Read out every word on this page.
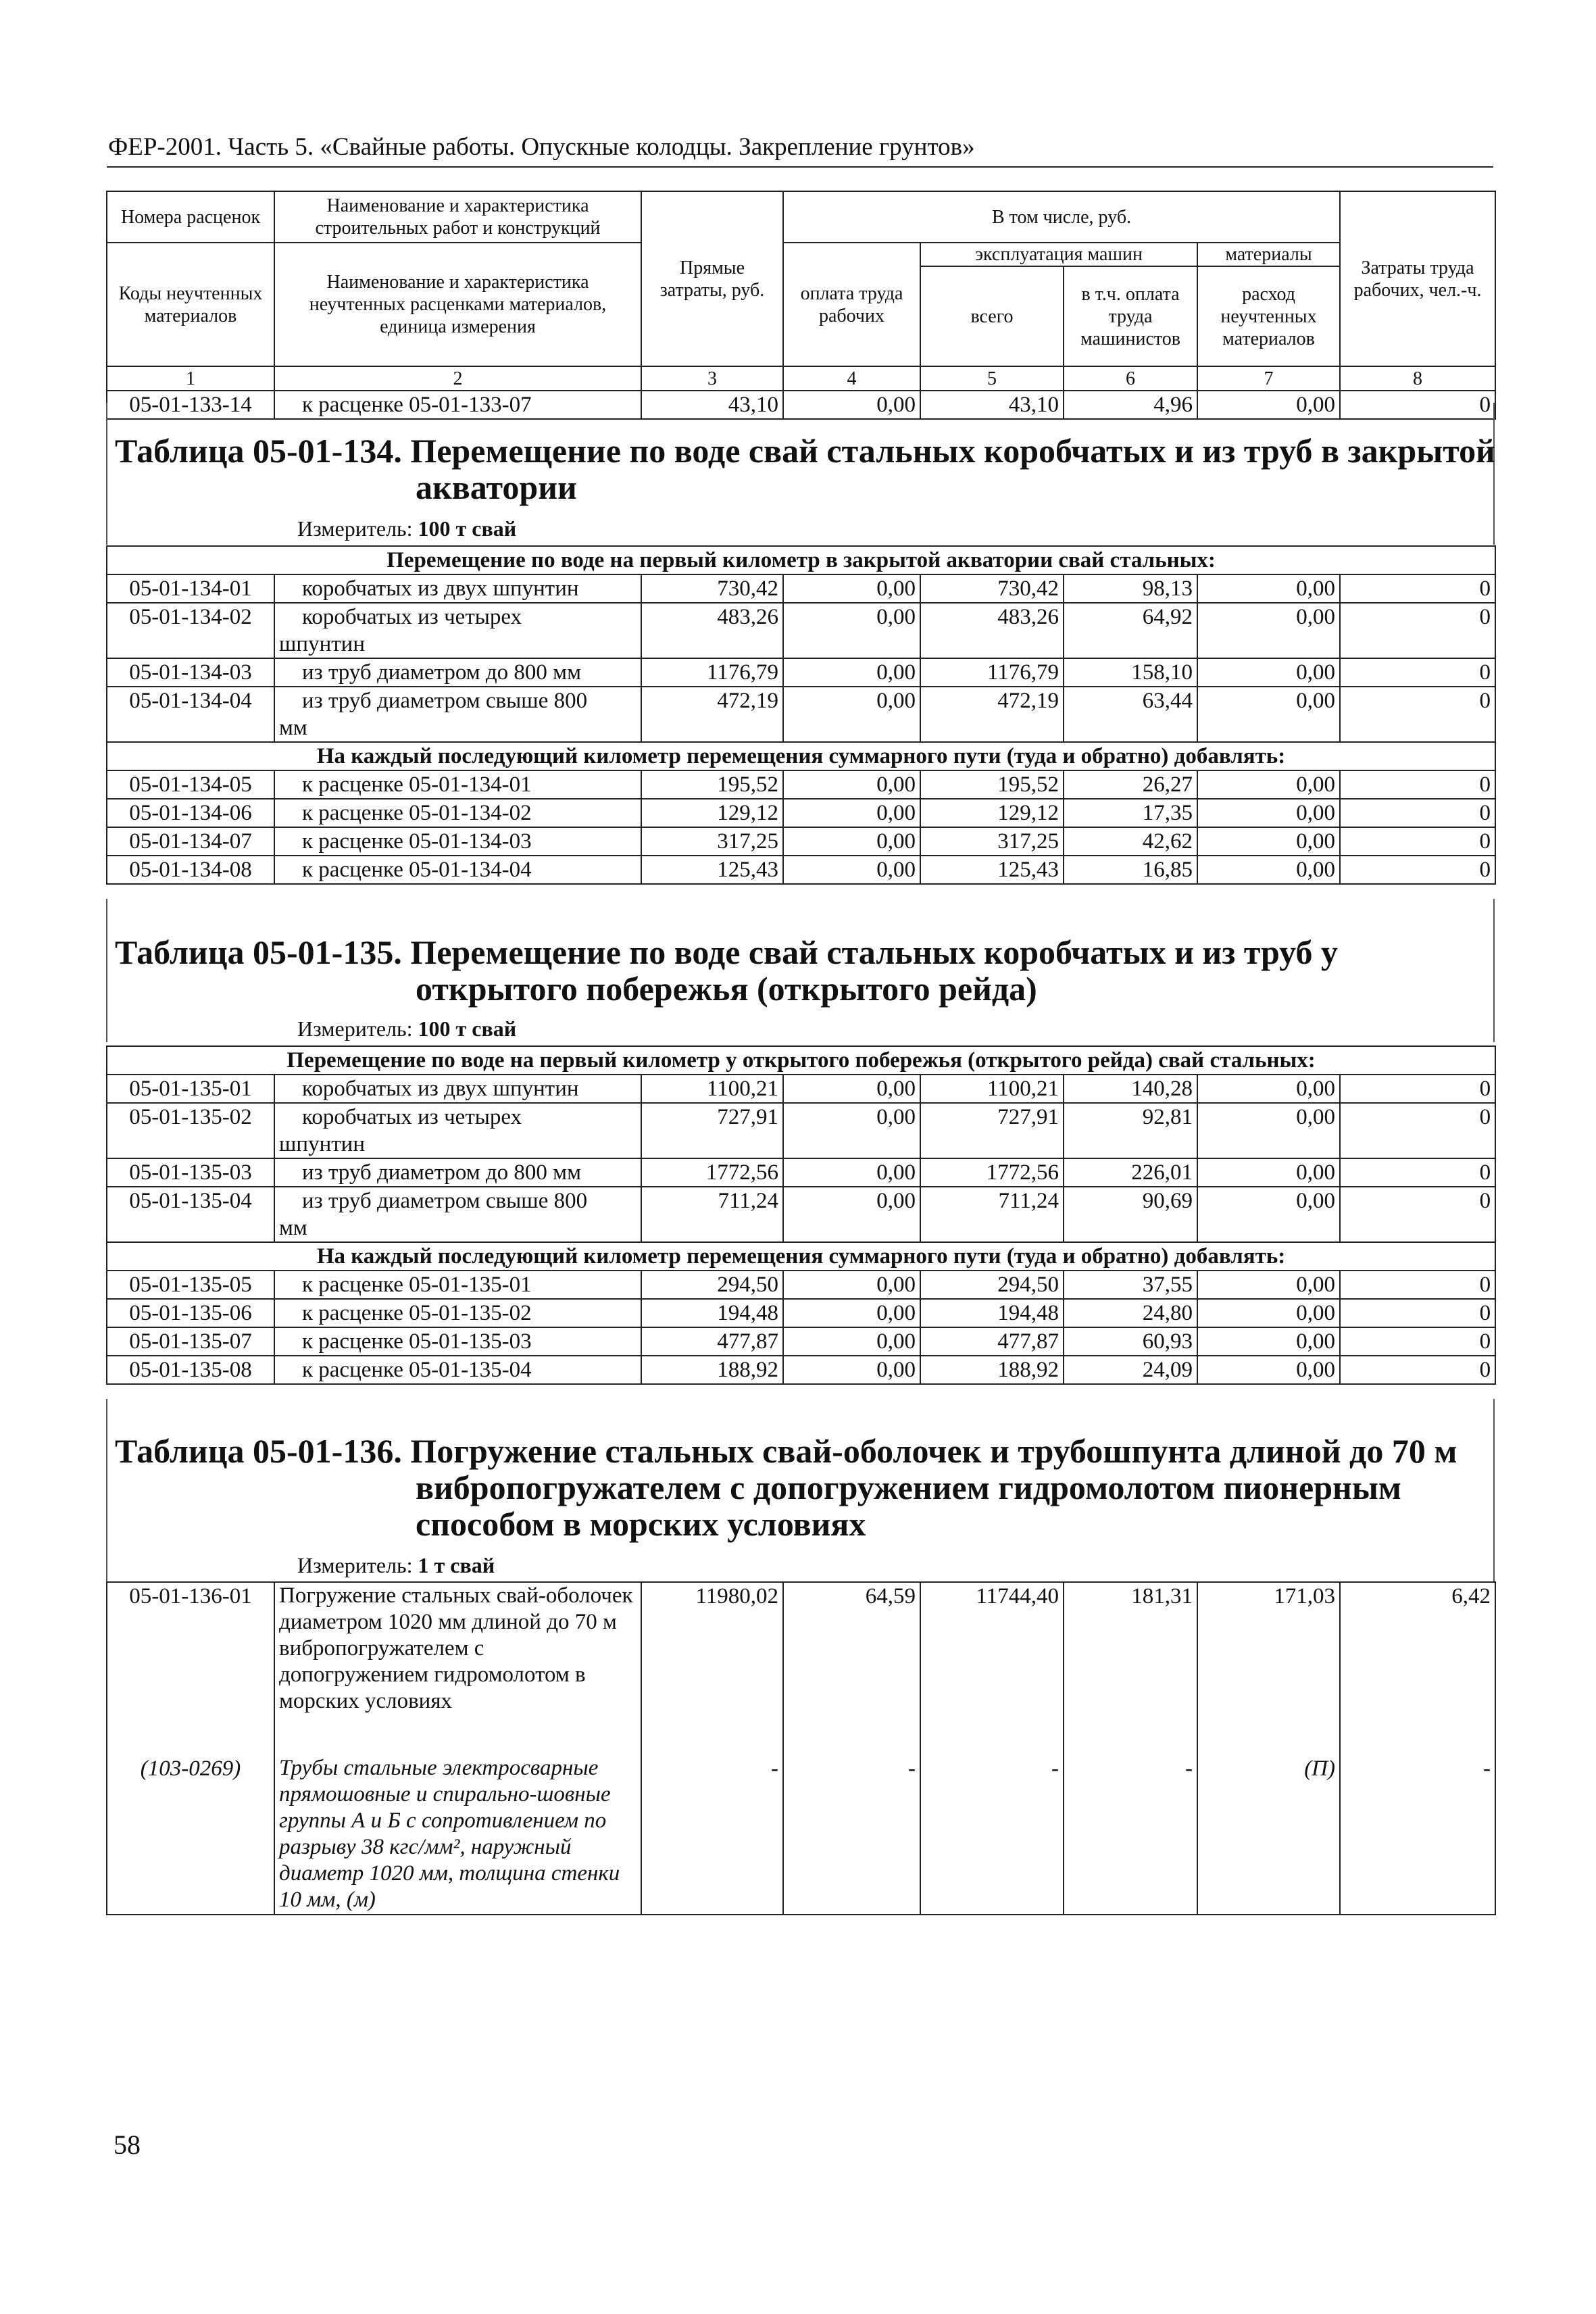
ФЕР-2001. Часть 5. «Свайные работы. Опускные колодцы. Закрепление грунтов»
Номера расценок	Наименование и характеристика строительных работ и конструкций	Прямые затраты, руб.	В том числе, руб.				Затраты труда рабочих, чел.-ч.
Коды неучтенных материалов	Наименование и характеристика неучтенных расценками материалов, единица измерения		оплата труда рабочих	эксплуатация машин		материалы	
				всего	в т.ч. оплата труда машинистов	расход неучтенных материалов	
1	2	3	4	5	6	7	8
05-01-133-14	к расценке 05-01-133-07	43,10	0,00	43,10	4,96	0,00	0
Таблица 05-01-134. Перемещение по воде свай стальных коробчатых и из труб в закрытой
акватории
Измеритель: 100 т свай
Перемещение по воде на первый километр в закрытой акватории свай стальных:							
05-01-134-01	коробчатых из двух шпунтин	730,42	0,00	730,42	98,13	0,00	0
05-01-134-02	коробчатых из четырех
шпунтин	483,26	0,00	483,26	64,92	0,00	0
05-01-134-03	из труб диаметром до 800 мм	1176,79	0,00	1176,79	158,10	0,00	0
05-01-134-04	из труб диаметром свыше 800
мм	472,19	0,00	472,19	63,44	0,00	0
На каждый последующий километр перемещения суммарного пути (туда и обратно) добавлять:							
05-01-134-05	к расценке 05-01-134-01	195,52	0,00	195,52	26,27	0,00	0
05-01-134-06	к расценке 05-01-134-02	129,12	0,00	129,12	17,35	0,00	0
05-01-134-07	к расценке 05-01-134-03	317,25	0,00	317,25	42,62	0,00	0
05-01-134-08	к расценке 05-01-134-04	125,43	0,00	125,43	16,85	0,00	0
Таблица 05-01-135. Перемещение по воде свай стальных коробчатых и из труб у
открытого побережья (открытого рейда)
Измеритель: 100 т свай
Перемещение по воде на первый километр у открытого побережья (открытого рейда) свай стальных:							
05-01-135-01	коробчатых из двух шпунтин	1100,21	0,00	1100,21	140,28	0,00	0
05-01-135-02	коробчатых из четырех
шпунтин	727,91	0,00	727,91	92,81	0,00	0
05-01-135-03	из труб диаметром до 800 мм	1772,56	0,00	1772,56	226,01	0,00	0
05-01-135-04	из труб диаметром свыше 800
мм	711,24	0,00	711,24	90,69	0,00	0
На каждый последующий километр перемещения суммарного пути (туда и обратно) добавлять:							
05-01-135-05	к расценке 05-01-135-01	294,50	0,00	294,50	37,55	0,00	0
05-01-135-06	к расценке 05-01-135-02	194,48	0,00	194,48	24,80	0,00	0
05-01-135-07	к расценке 05-01-135-03	477,87	0,00	477,87	60,93	0,00	0
05-01-135-08	к расценке 05-01-135-04	188,92	0,00	188,92	24,09	0,00	0
Таблица 05-01-136. Погружение стальных свай-оболочек и трубошпунта длиной до 70 м
вибропогружателем с допогружением гидромолотом пионерным
способом в морских условиях
Измеритель: 1 т свай
05-01-136-01	Погружение стальных свай-оболочек диаметром 1020 мм длиной до 70 м вибропогружателем с допогружением гидромолотом в морских условиях	11980,02	64,59	11744,40	181,31	171,03	6,42
(103-0269)	Трубы стальные электросварные прямошовные и спирально-шовные группы А и Б с сопротивлением по разрыву 38 кгс/мм², наружный диаметр 1020 мм, толщина стенки 10 мм, (м)	-	-	-	-	(П)	-
58
